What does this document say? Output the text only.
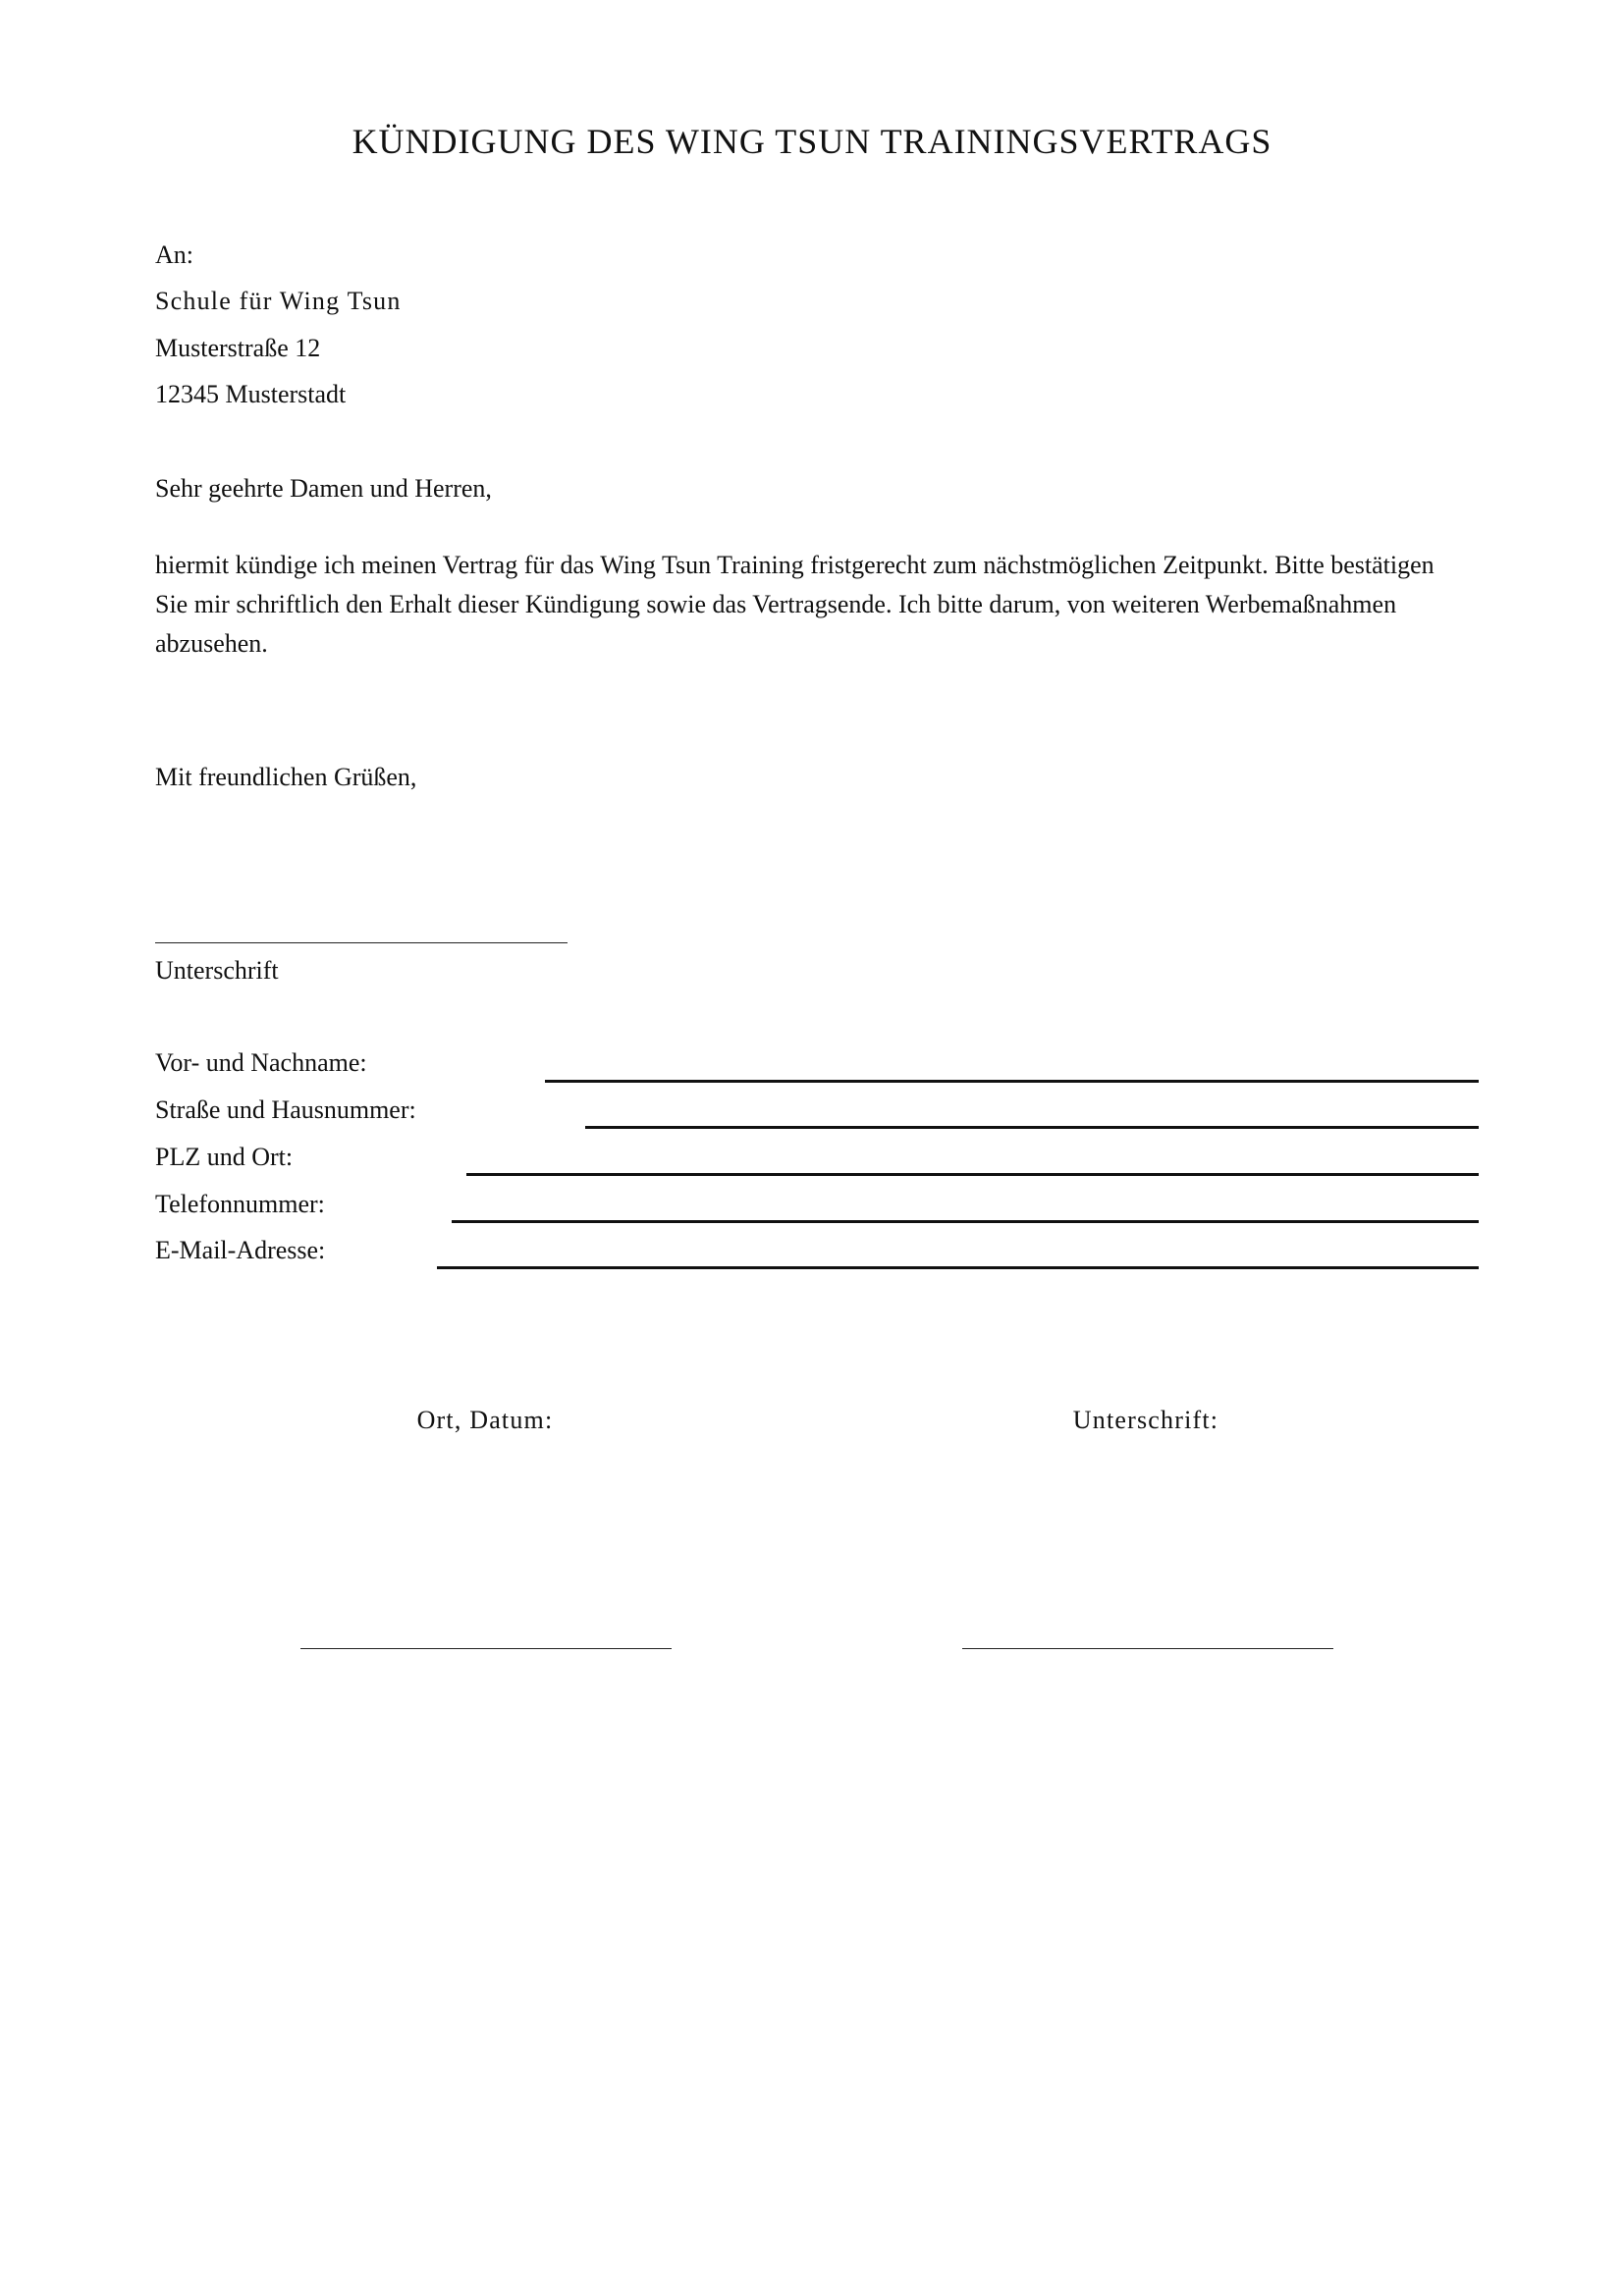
KÜNDIGUNG DES WING TSUN TRAININGSVERTRAGS
An:
Schule für Wing Tsun
Musterstraße 12
12345 Musterstadt
Sehr geehrte Damen und Herren,
hiermit kündige ich meinen Vertrag für das Wing Tsun Training fristgerecht zum nächstmöglichen Zeitpunkt. Bitte bestätigen Sie mir schriftlich den Erhalt dieser Kündigung sowie das Vertragsende. Ich bitte darum, von weiteren Werbemaßnahmen abzusehen.
Mit freundlichen Grüßen,
Unterschrift
Vor- und Nachname:
Straße und Hausnummer:
PLZ und Ort:
Telefonnummer:
E-Mail-Adresse:
Ort, Datum:	Unterschrift:
